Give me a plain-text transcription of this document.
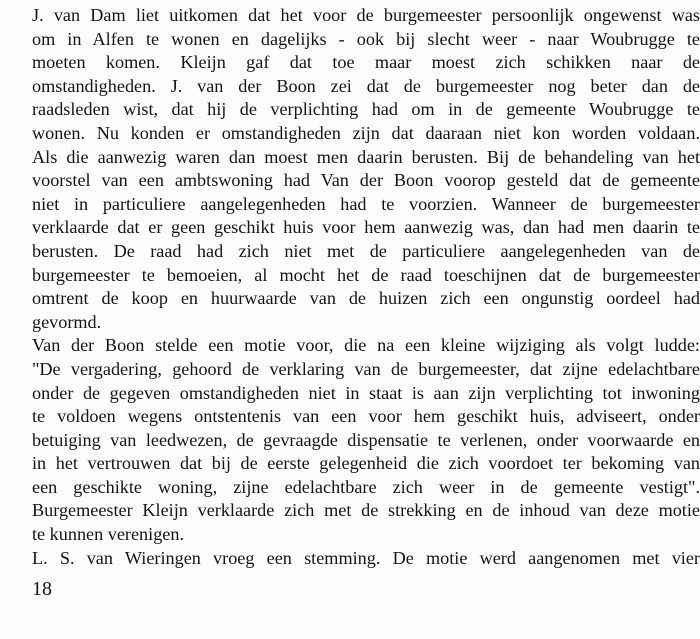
J. van Dam liet uitkomen dat het voor de burgemeester persoonlijk ongewenst was
om in Alfen te wonen en dagelijks - ook bij slecht weer - naar Woubrugge te
moeten komen. Kleijn gaf dat toe maar moest zich schikken naar de
omstandigheden. J. van der Boon zei dat de burgemeester nog beter dan de
raadsleden wist, dat hij de verplichting had om in de gemeente Woubrugge te
wonen. Nu konden er omstandigheden zijn dat daaraan niet kon worden voldaan.
Als die aanwezig waren dan moest men daarin berusten. Bij de behandeling van het
voorstel van een ambtswoning had Van der Boon voorop gesteld dat de gemeente
niet in particuliere aangelegenheden had te voorzien. Wanneer de burgemeester
verklaarde dat er geen geschikt huis voor hem aanwezig was, dan had men daarin te
berusten. De raad had zich niet met de particuliere aangelegenheden van de
burgemeester te bemoeien, al mocht het de raad toeschijnen dat de burgemeester
omtrent de koop en huurwaarde van de huizen zich een ongunstig oordeel had
gevormd.
Van der Boon stelde een motie voor, die na een kleine wijziging als volgt ludde:
"De vergadering, gehoord de verklaring van de burgemeester, dat zijne edelachtbare
onder de gegeven omstandigheden niet in staat is aan zijn verplichting tot inwoning
te voldoen wegens ontstentenis van een voor hem geschikt huis, adviseert, onder
betuiging van leedwezen, de gevraagde dispensatie te verlenen, onder voorwaarde en
in het vertrouwen dat bij de eerste gelegenheid die zich voordoet ter bekoming van
een geschikte woning, zijne edelachtbare zich weer in de gemeente vestigt".
Burgemeester Kleijn verklaarde zich met de strekking en de inhoud van deze motie
te kunnen verenigen.
L. S. van Wieringen vroeg een stemming. De motie werd aangenomen met vier
18
